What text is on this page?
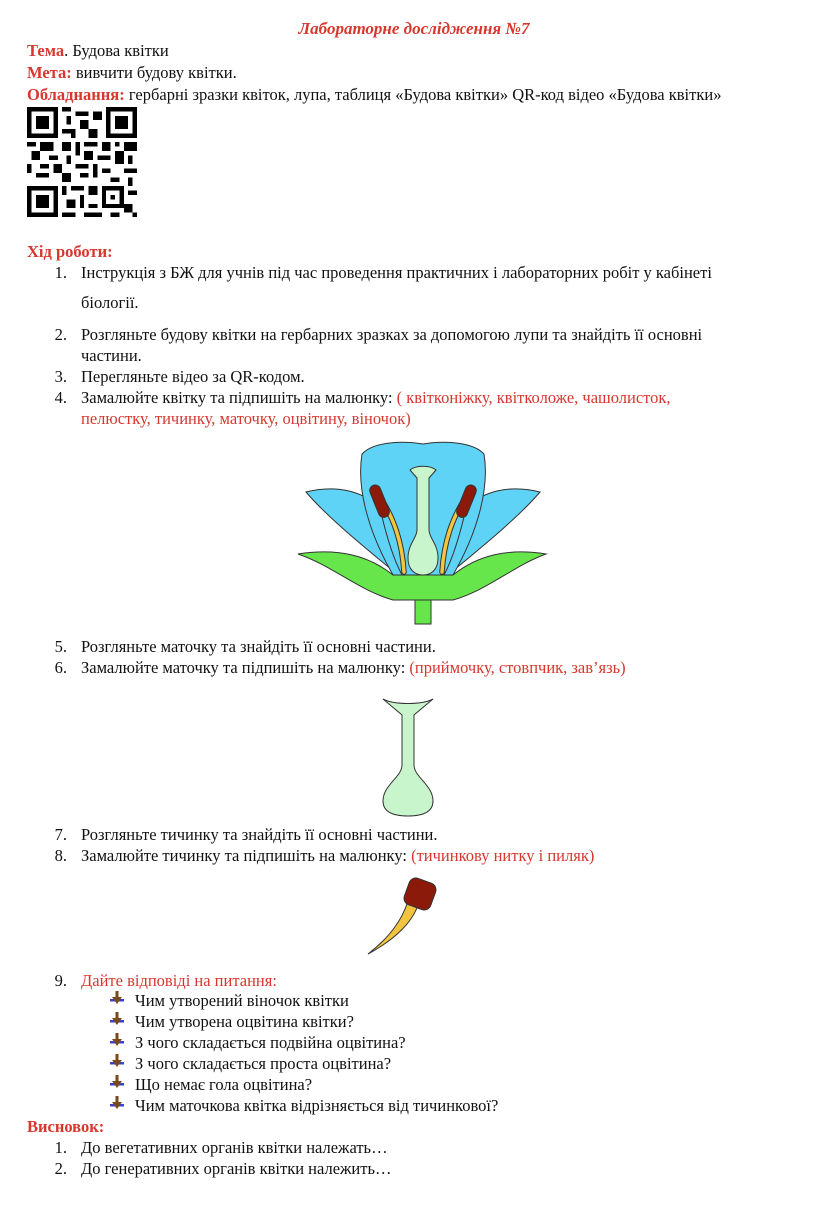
Лабораторне дослідження №7
Тема. Будова квітки
Мета: вивчити будову квітки.
Обладнання: гербарні зразки квіток, лупа, таблиця «Будова квітки» QR-код відео «Будова квітки»
Хід роботи:
1. Інструкція з БЖ для учнів під час проведення практичних і лабораторних робіт у кабінеті
біології.
2. Розгляньте будову квітки на гербарних зразках за допомогою лупи та знайдіть її основні
частини.
3. Перегляньте відео за QR-кодом.
4. Замалюйте квітку та підпишіть на малюнку: ( квітконіжку, квітколоже, чашолисток,
пелюстку, тичинку, маточку, оцвітину, віночок)
5. Розгляньте маточку та знайдіть її основні частини.
6. Замалюйте маточку та підпишіть на малюнку: (приймочку, стовпчик, зав’язь)
7. Розгляньте тичинку та знайдіть її основні частини.
8. Замалюйте тичинку та підпишіть на малюнку: (тичинкову нитку і пиляк)
9. Дайте відповіді на питання:
Чим утворений віночок квітки
Чим утворена оцвітина квітки?
З чого складається подвійна оцвітина?
З чого складається проста оцвітина?
Що немає гола оцвітина?
Чим маточкова квітка відрізняється від тичинкової?
Висновок:
1. До вегетативних органів квітки належать…
2. До генеративних органів квітки належить…
